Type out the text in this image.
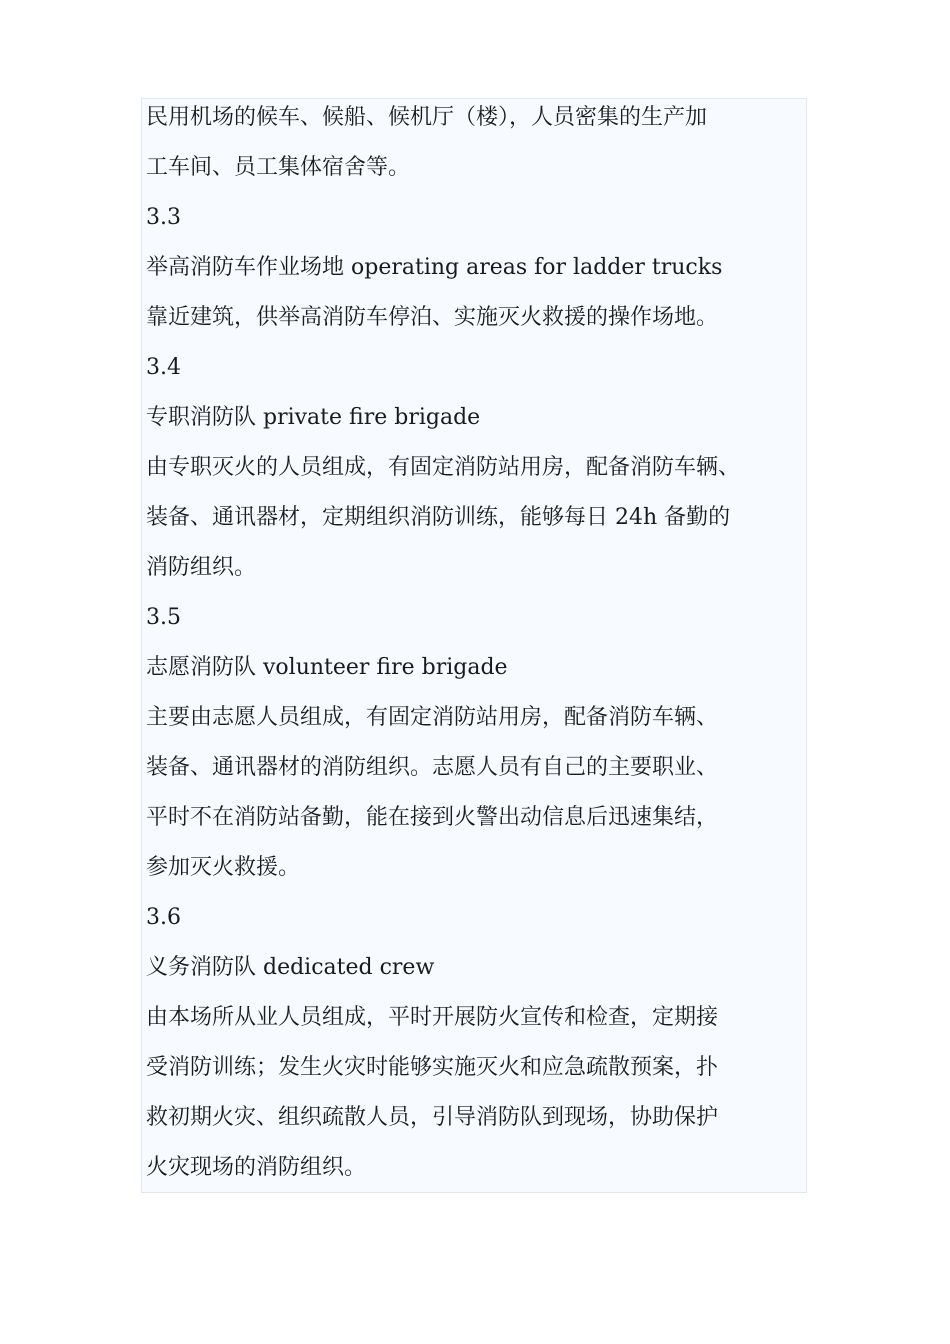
民用机场的候车、候船、候机厅（楼），人员密集的生产加
工车间、员工集体宿舍等。
3.3
举高消防车作业场地 operating areas for ladder trucks
靠近建筑，供举高消防车停泊、实施灭火救援的操作场地。
3.4
专职消防队 private fire brigade
由专职灭火的人员组成，有固定消防站用房，配备消防车辆、
装备、通讯器材，定期组织消防训练，能够每日 24h 备勤的
消防组织。
3.5
志愿消防队 volunteer fire brigade
主要由志愿人员组成，有固定消防站用房，配备消防车辆、
装备、通讯器材的消防组织。志愿人员有自己的主要职业、
平时不在消防站备勤，能在接到火警出动信息后迅速集结，
参加灭火救援。
3.6
义务消防队 dedicated crew
由本场所从业人员组成，平时开展防火宣传和检查，定期接
受消防训练；发生火灾时能够实施灭火和应急疏散预案，扑
救初期火灾、组织疏散人员，引导消防队到现场，协助保护
火灾现场的消防组织。
